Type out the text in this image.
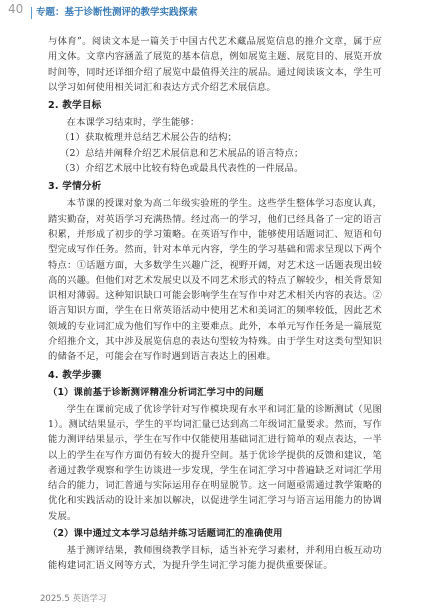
40 专题：基于诊断性测评的教学实践探索

与体育”。阅读文本是一篇关于中国古代艺术藏品展览信息的推介文章，属于应用文体。文章内容涵盖了展览的基本信息，例如展览主题、展览目的、展览开放时间等，同时还详细介绍了展览中最值得关注的展品。通过阅读该文本，学生可以学习如何使用相关词汇和表达方式介绍艺术展信息。

2. 教学目标

在本课学习结束时，学生能够：

（1）获取梳理并总结艺术展公告的结构；

（2）总结并阐释介绍艺术展信息和艺术展品的语言特点；

（3）介绍艺术展中比较有特色或最具代表性的一件展品。

3. 学情分析

本节课的授课对象为高二年级实验班的学生。这些学生整体学习态度认真，踏实勤奋，对英语学习充满热情。经过高一的学习，他们已经具备了一定的语言积累，并形成了初步的学习策略。在英语写作中，能够使用话题词汇、短语和句型完成写作任务。然而，针对本单元内容，学生的学习基础和需求呈现以下两个特点：①话题方面，大多数学生兴趣广泛，视野开阔，对艺术这一话题表现出较高的兴趣。但他们对艺术发展史以及不同艺术形式的特点了解较少，相关背景知识相对薄弱。这种知识缺口可能会影响学生在写作中对艺术相关内容的表达。②语言知识方面，学生在日常英语活动中使用艺术和美词汇的频率较低，因此艺术领域的专业词汇成为他们写作中的主要难点。此外，本单元写作任务是一篇展览介绍推介文，其中涉及展览信息的表达句型较为特殊。由于学生对这类句型知识的储备不足，可能会在写作时遇到语言表达上的困难。

4. 教学步骤
（1）课前基于诊断测评精准分析词汇学习中的问题

学生在课前完成了优诊学针对写作模块现有水平和词汇量的诊断测试（见图1）。测试结果显示，学生的平均词汇量已达到高二年级词汇量要求。然而，写作能力测评结果显示，学生在写作中仅能使用基础词汇进行简单的观点表达，一半以上的学生在写作方面仍有较大的提升空间。基于优诊学提供的反馈和建议，笔者通过教学观察和学生访谈进一步发现，学生在词汇学习中普遍缺乏对词汇学用结合的能力，词汇普通与实际运用存在明显脱节。这一问题亟需通过教学策略的优化和实践活动的设计来加以解决，以促进学生词汇学习与语言运用能力的协调发展。

（2）课中通过文本学习总结并练习话题词汇的准确使用

基于测评结果，教师围绕教学目标，适当补充学习素材，并利用白板互动功能构建词汇语义网等方式，为提升学生词汇学习能力提供重要保证。

2025.5 英语学习
